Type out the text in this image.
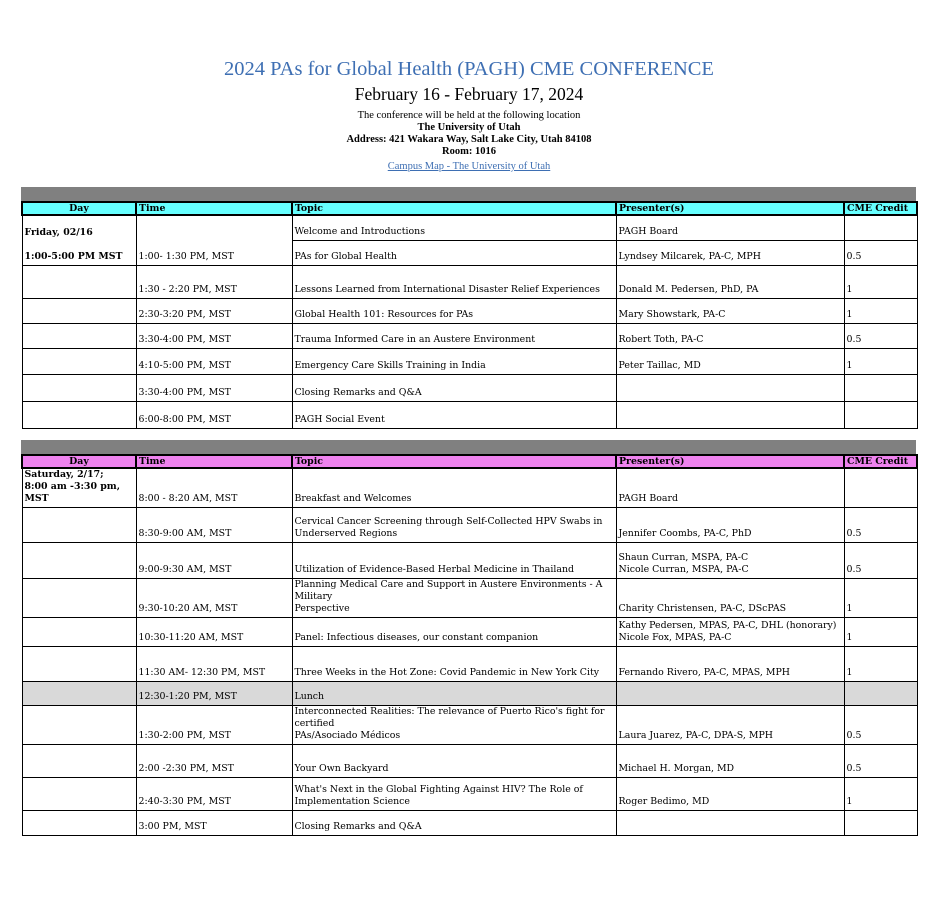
2024 PAs for Global Health (PAGH) CME CONFERENCE
February 16 - February 17, 2024
The conference will be held at the following location
The University of Utah
Address: 421 Wakara Way, Salt Lake City, Utah 84108
Room: 1016
Campus Map - The University of Utah
Day	Time	Topic	Presenter(s)	CME Credit
Friday, 02/16
1:00-5:00 PM MST	1:00- 1:30 PM, MST	Welcome and Introductions	PAGH Board	
		PAs for Global Health	Lyndsey Milcarek, PA-C, MPH	0.5
	1:30 - 2:20 PM, MST	Lessons Learned from International Disaster Relief Experiences	Donald M. Pedersen, PhD, PA	1
	2:30-3:20 PM, MST	Global Health 101: Resources for PAs	Mary Showstark, PA-C	1
	3:30-4:00 PM, MST	Trauma Informed Care in an Austere Environment	Robert Toth, PA-C	0.5
	4:10-5:00 PM, MST	Emergency Care Skills Training in India	Peter Taillac, MD	1
	3:30-4:00 PM, MST	Closing Remarks and Q&A		
	6:00-8:00 PM, MST	PAGH Social Event		
Day	Time	Topic	Presenter(s)	CME Credit
Saturday, 2/17;
8:00 am -3:30 pm,
MST	8:00 - 8:20 AM, MST	Breakfast and Welcomes	PAGH Board	
	8:30-9:00 AM, MST	Cervical Cancer Screening through Self-Collected HPV Swabs in
Underserved Regions	Jennifer Coombs, PA-C, PhD	0.5
	9:00-9:30 AM, MST	Utilization of Evidence-Based Herbal Medicine in Thailand	Shaun Curran, MSPA, PA-C
Nicole Curran, MSPA, PA-C	0.5
	9:30-10:20 AM, MST	Planning Medical Care and Support in Austere Environments - A Military
Perspective	Charity Christensen, PA-C, DScPAS	1
	10:30-11:20 AM, MST	Panel: Infectious diseases, our constant companion	Kathy Pedersen, MPAS, PA-C, DHL (honorary)
Nicole Fox, MPAS, PA-C	1
	11:30 AM- 12:30 PM, MST	Three Weeks in the Hot Zone: Covid Pandemic in New York City	Fernando Rivero, PA-C, MPAS, MPH	1
	12:30-1:20 PM, MST	Lunch		
	1:30-2:00 PM, MST	Interconnected Realities: The relevance of Puerto Rico's fight for certified
PAs/Asociado Médicos	Laura Juarez, PA-C, DPA-S, MPH	0.5
	2:00 -2:30 PM, MST	Your Own Backyard	Michael H. Morgan, MD	0.5
	2:40-3:30 PM, MST	What's Next in the Global Fighting Against HIV? The Role of
Implementation Science	Roger Bedimo, MD	1
	3:00 PM, MST	Closing Remarks and Q&A		
